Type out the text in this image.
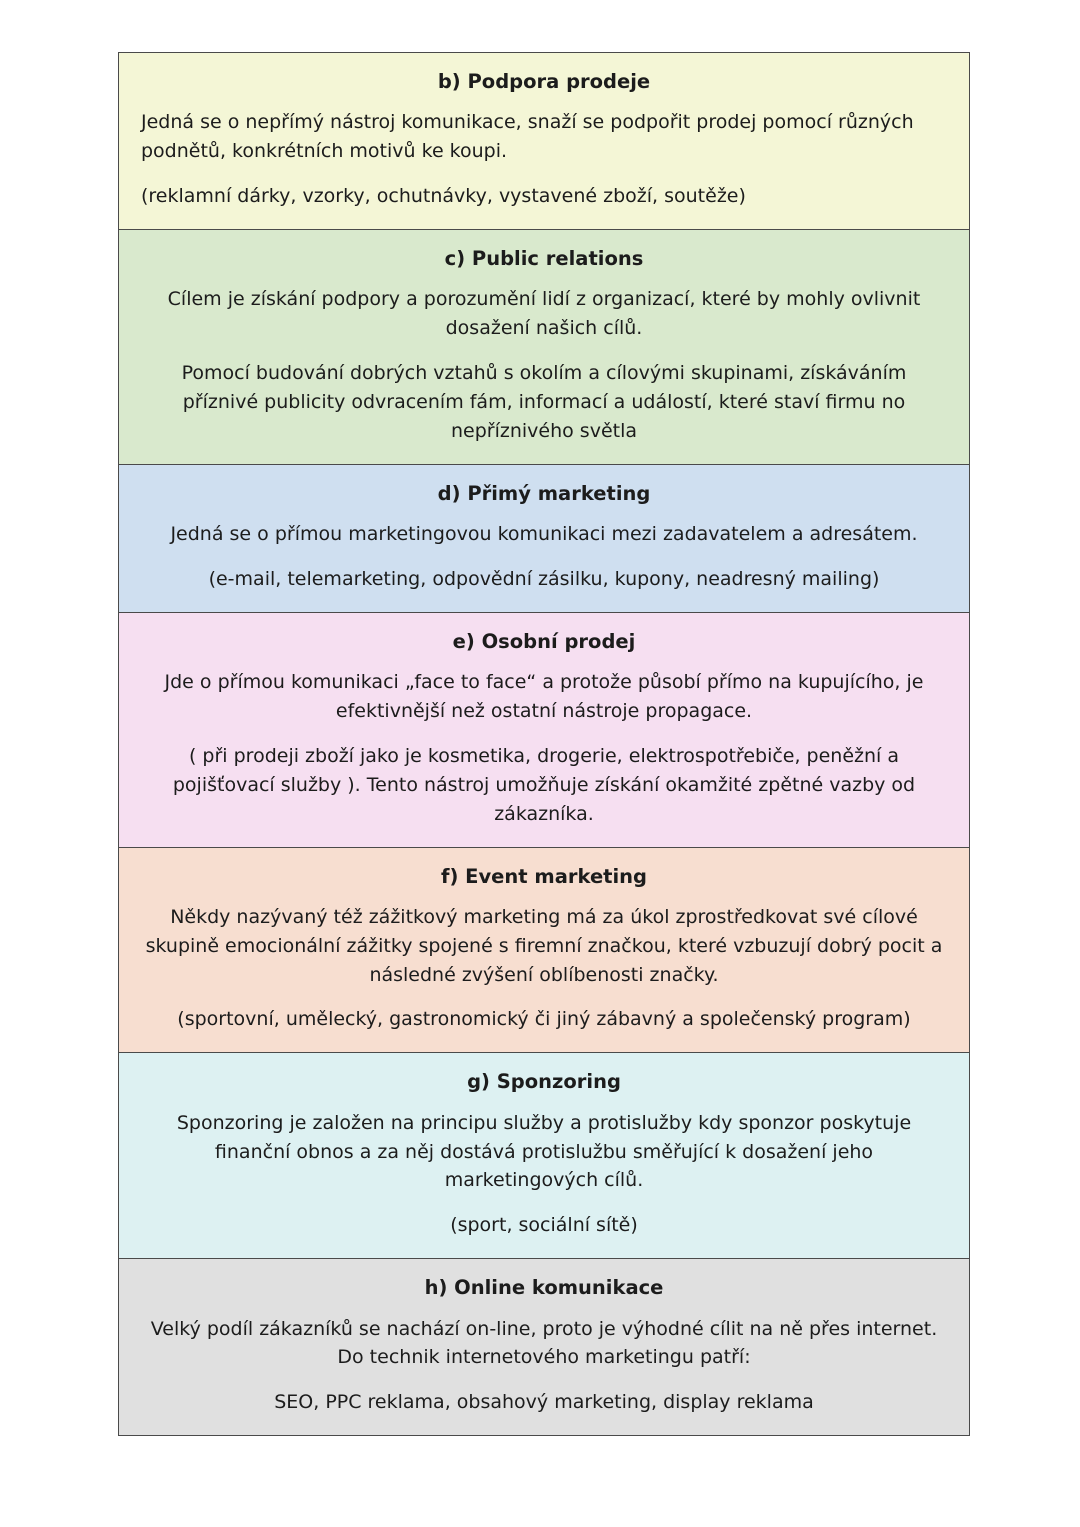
b) Podpora prodeje

Jedná se o nepřímý nástroj komunikace, snaží se podpořit prodej pomocí různých podnětů, konkrétních motivů ke koupi.

(reklamní dárky, vzorky, ochutnávky, vystavené zboží, soutěže)

c) Public relations

Cílem je získání podpory a porozumění lidí z organizací, které by mohly ovlivnit dosažení našich cílů.

Pomocí budování dobrých vztahů s okolím a cílovými skupinami, získáváním příznivé publicity odvracením fám, informací a událostí, které staví firmu no nepříznivého světla

d) Přimý marketing

Jedná se o přímou marketingovou komunikaci mezi zadavatelem a adresátem.

(e-mail, telemarketing, odpovědní zásilku, kupony, neadresný mailing)

e) Osobní prodej

Jde o přímou komunikaci „face to face“ a protože působí přímo na kupujícího, je efektivnější než ostatní nástroje propagace.

( při prodeji zboží jako je kosmetika, drogerie, elektrospotřebiče, peněžní a pojišťovací služby ). Tento nástroj umožňuje získání okamžité zpětné vazby od zákazníka.

f) Event marketing

Někdy nazývaný též zážitkový marketing má za úkol zprostředkovat své cílové skupině emocionální zážitky spojené s firemní značkou, které vzbuzují dobrý pocit a následné zvýšení oblíbenosti značky.

(sportovní, umělecký, gastronomický či jiný zábavný a společenský program)

g) Sponzoring

Sponzoring je založen na principu služby a protislužby kdy sponzor poskytuje finanční obnos a za něj dostává protislužbu směřující k dosažení jeho marketingových cílů.

(sport, sociální sítě)

h) Online komunikace

Velký podíl zákazníků se nachází on-line, proto je výhodné cílit na ně přes internet. Do technik internetového marketingu patří:

SEO, PPC reklama, obsahový marketing, display reklama
